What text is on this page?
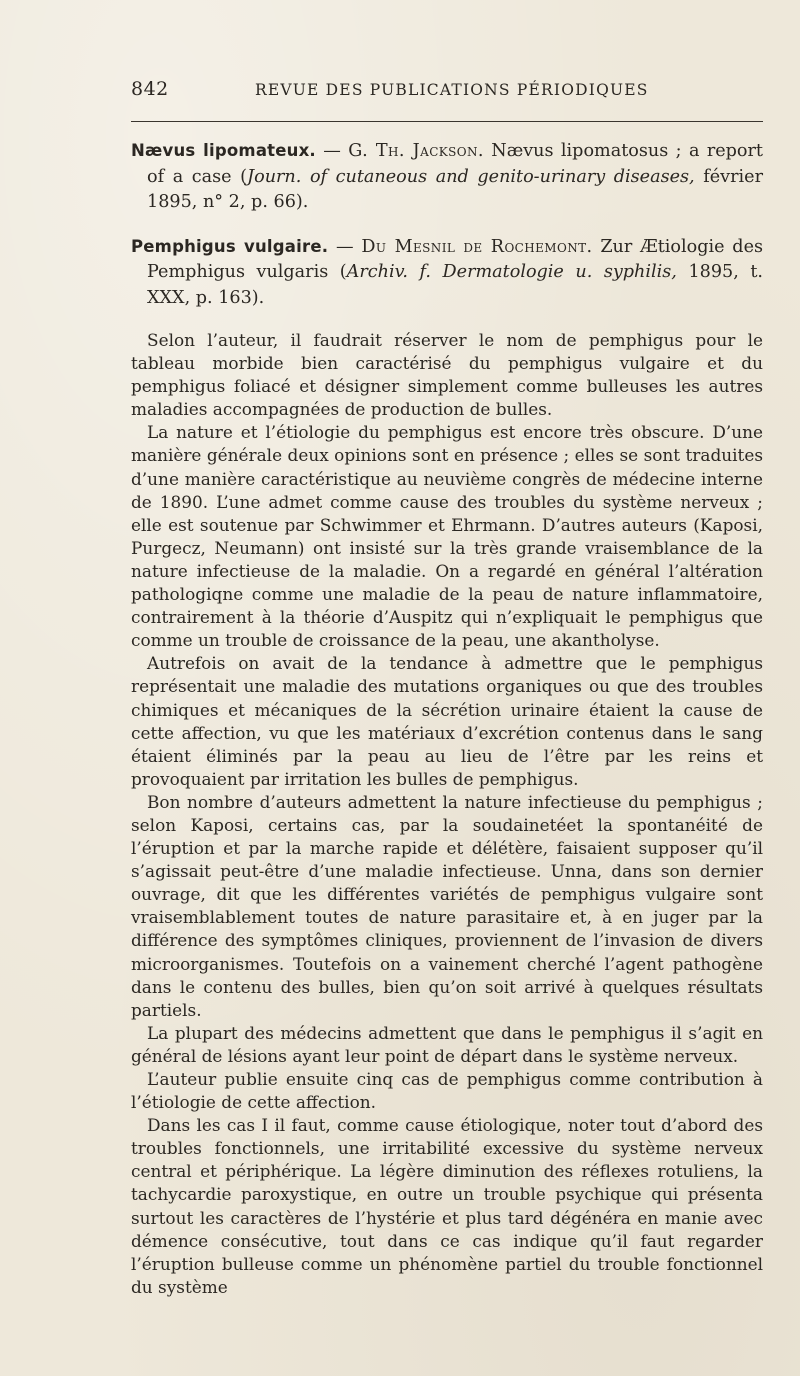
842	REVUE DES PUBLICATIONS PÉRIODIQUES

Nævus lipomateux. — G. Th. Jackson. Nævus lipomatosus ; a report of a case (Journ. of cutaneous and genito-urinary diseases, février 1895, n° 2, p. 66).

Pemphigus vulgaire. — Du Mesnil de Rochemont. Zur Ætiologie des Pemphigus vulgaris (Archiv. f. Dermatologie u. syphilis, 1895, t. XXX, p. 163).

Selon l’auteur, il faudrait réserver le nom de pemphigus pour le tableau morbide bien caractérisé du pemphigus vulgaire et du pemphigus foliacé et désigner simplement comme bulleuses les autres maladies accompagnées de production de bulles.

La nature et l’étiologie du pemphigus est encore très obscure. D’une manière générale deux opinions sont en présence ; elles se sont traduites d’une manière caractéristique au neuvième congrès de médecine interne de 1890. L’une admet comme cause des troubles du système nerveux ; elle est soutenue par Schwimmer et Ehrmann. D’autres auteurs (Kaposi, Purgecz, Neumann) ont insisté sur la très grande vraisemblance de la nature infectieuse de la maladie. On a regardé en général l’altération pathologiqne comme une maladie de la peau de nature inflammatoire, contrairement à la théorie d’Auspitz qui n’expliquait le pemphigus que comme un trouble de croissance de la peau, une akantholyse.

Autrefois on avait de la tendance à admettre que le pemphigus représentait une maladie des mutations organiques ou que des troubles chimiques et mécaniques de la sécrétion urinaire étaient la cause de cette affection, vu que les matériaux d’excrétion contenus dans le sang étaient éliminés par la peau au lieu de l’être par les reins et provoquaient par irritation les bulles de pemphigus.

Bon nombre d’auteurs admettent la nature infectieuse du pemphigus ; selon Kaposi, certains cas, par la soudainetéet la spontanéité de l’éruption et par la marche rapide et délétère, faisaient supposer qu’il s’agissait peut-être d’une maladie infectieuse. Unna, dans son dernier ouvrage, dit que les différentes variétés de pemphigus vulgaire sont vraisemblablement toutes de nature parasitaire et, à en juger par la différence des symptômes cliniques, proviennent de l’invasion de divers microorganismes. Toutefois on a vainement cherché l’agent pathogène dans le contenu des bulles, bien qu’on soit arrivé à quelques résultats partiels.

La plupart des médecins admettent que dans le pemphigus il s’agit en général de lésions ayant leur point de départ dans le système nerveux.

L’auteur publie ensuite cinq cas de pemphigus comme contribution à l’étiologie de cette affection.

Dans les cas I il faut, comme cause étiologique, noter tout d’abord des troubles fonctionnels, une irritabilité excessive du système nerveux central et périphérique. La légère diminution des réflexes rotuliens, la tachycardie paroxystique, en outre un trouble psychique qui présenta surtout les caractères de l’hystérie et plus tard dégénéra en manie avec démence consécutive, tout dans ce cas indique qu’il faut regarder l’éruption bulleuse comme un phénomène partiel du trouble fonctionnel du système
